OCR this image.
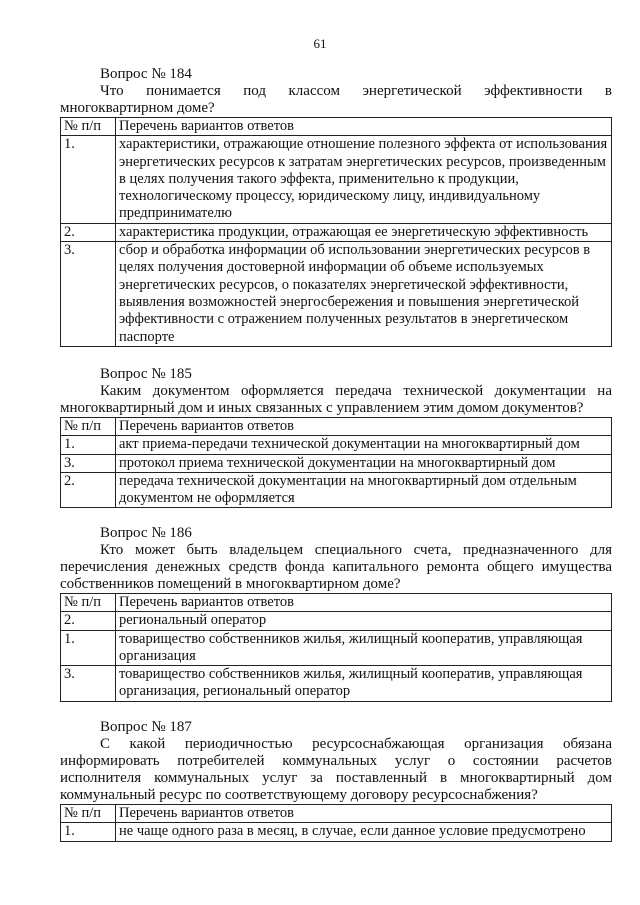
61
Вопрос № 184

Что понимается под классом энергетической эффективности в многоквартирном доме?

№ п/п	Перечень вариантов ответов
1.	характеристики, отражающие отношение полезного эффекта от использования энергетических ресурсов к затратам энергетических ресурсов, произведенным в целях получения такого эффекта, применительно к продукции, технологическому процессу, юридическому лицу, индивидуальному предпринимателю
2.	характеристика продукции, отражающая ее энергетическую эффективность
3.	сбор и обработка информации об использовании энергетических ресурсов в целях получения достоверной информации об объеме используемых энергетических ресурсов, о показателях энергетической эффективности, выявления возможностей энергосбережения и повышения энергетической эффективности с отражением полученных результатов в энергетическом паспорте
Вопрос № 185

Каким документом оформляется передача технической документации на многоквартирный дом и иных связанных с управлением этим домом документов?

№ п/п	Перечень вариантов ответов
1.	акт приема-передачи технической документации на многоквартирный дом
3.	протокол приема технической документации на многоквартирный дом
2.	передача технической документации на многоквартирный дом отдельным документом не оформляется
Вопрос № 186

Кто может быть владельцем специального счета, предназначенного для перечисления денежных средств фонда капитального ремонта общего имущества собственников помещений в многоквартирном доме?

№ п/п	Перечень вариантов ответов
2.	региональный оператор
1.	товарищество собственников жилья, жилищный кооператив, управляющая организация
3.	товарищество собственников жилья, жилищный кооператив, управляющая организация, региональный оператор
Вопрос № 187

С какой периодичностью ресурсоснабжающая организация обязана информировать потребителей коммунальных услуг о состоянии расчетов исполнителя коммунальных услуг за поставленный в многоквартирный дом коммунальный ресурс по соответствующему договору ресурсоснабжения?

№ п/п	Перечень вариантов ответов
1.	не чаще одного раза в месяц, в случае, если данное условие предусмотрено
